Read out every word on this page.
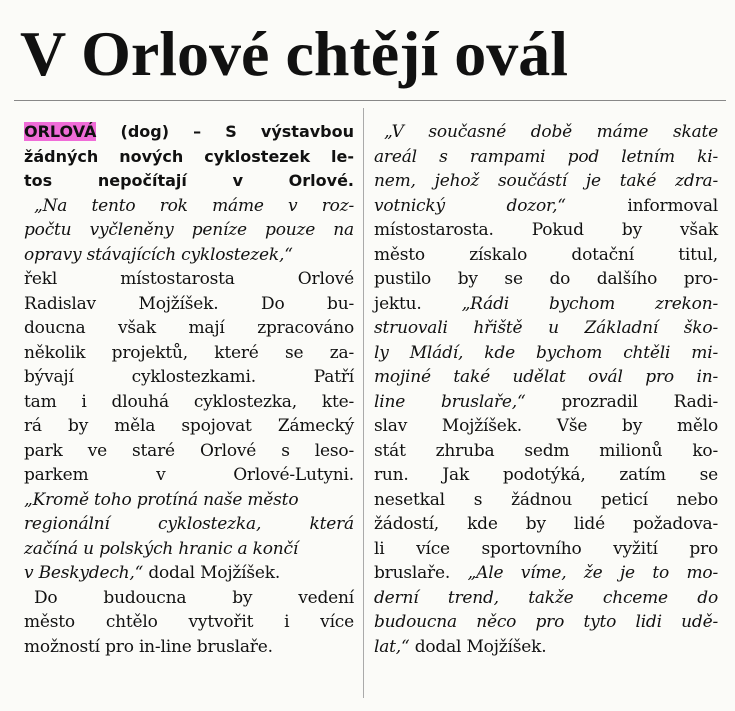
V Orlové chtějí ovál
ORLOVÁ (dog) – S výstavbou
žádných nových cyklostezek le-
tos nepočítají v Orlové.
„Na tento rok máme v roz-
počtu vyčleněny peníze pouze na
opravy stávajících cyklostezek,“
řekl místostarosta Orlové
Radislav Mojžíšek. Do bu-
doucna však mají zpracováno
několik projektů, které se za-
bývají cyklostezkami. Patří
tam i dlouhá cyklostezka, kte-
rá by měla spojovat Zámecký
park ve staré Orlové s leso-
parkem v Orlové-Lutyni.
„Kromě toho protíná naše město
regionální cyklostezka, která
začíná u polských hranic a končí
v Beskydech,“ dodal Mojžíšek.
Do budoucna by vedení
město chtělo vytvořit i více
možností pro in-line bruslaře.
„V současné době máme skate
areál s rampami pod letním ki-
nem, jehož součástí je také zdra-
votnický dozor,“ informoval
místostarosta. Pokud by však
město získalo dotační titul,
pustilo by se do dalšího pro-
jektu. „Rádi bychom zrekon-
struovali hřiště u Základní ško-
ly Mládí, kde bychom chtěli mi-
mojiné také udělat ovál pro in-
line bruslaře,“ prozradil Radi-
slav Mojžíšek. Vše by mělo
stát zhruba sedm milionů ko-
run. Jak podotýká, zatím se
nesetkal s žádnou peticí nebo
žádostí, kde by lidé požadova-
li více sportovního vyžití pro
bruslaře. „Ale víme, že je to mo-
derní trend, takže chceme do
budoucna něco pro tyto lidi udě-
lat,“ dodal Mojžíšek.
